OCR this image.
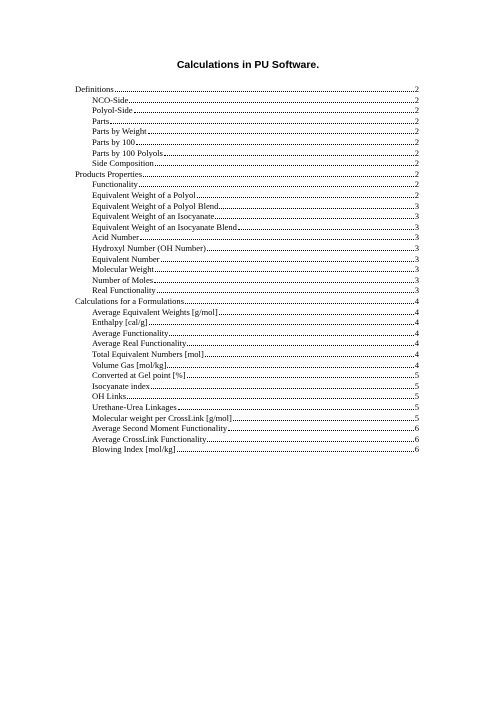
Calculations in PU Software.
Definitions	2
NCO-Side	2
Polyol-Side	2
Parts	2
Parts by Weight	2
Parts by 100	2
Parts by 100 Polyols	2
Side Composition	2
Products Properties	2
Functionality	2
Equivalent Weight of a Polyol	2
Equivalent Weight of a Polyol Blend	3
Equivalent Weight of an Isocyanate	3
Equivalent Weight of an Isocyanate Blend	3
Acid Number	3
Hydroxyl Number (OH Number)	3
Equivalent Number	3
Molecular Weight	3
Number of Moles	3
Real Functionality	3
Calculations for a Formulations	4
Average Equivalent Weights [g/mol]	4
Enthalpy [cal/g]	4
Average Functionality	4
Average Real Functionality	4
Total Equivalent Numbers [mol]	4
Volume Gas [mol/kg]	4
Converted at Gel point [%]	5
Isocyanate index	5
OH Links	5
Urethane-Urea Linkages	5
Molecular weight per CrossLink [g/mol]	5
Average Second Moment Functionality	6
Average CrossLink Functionality	6
Blowing Index [mol/kg]	6
